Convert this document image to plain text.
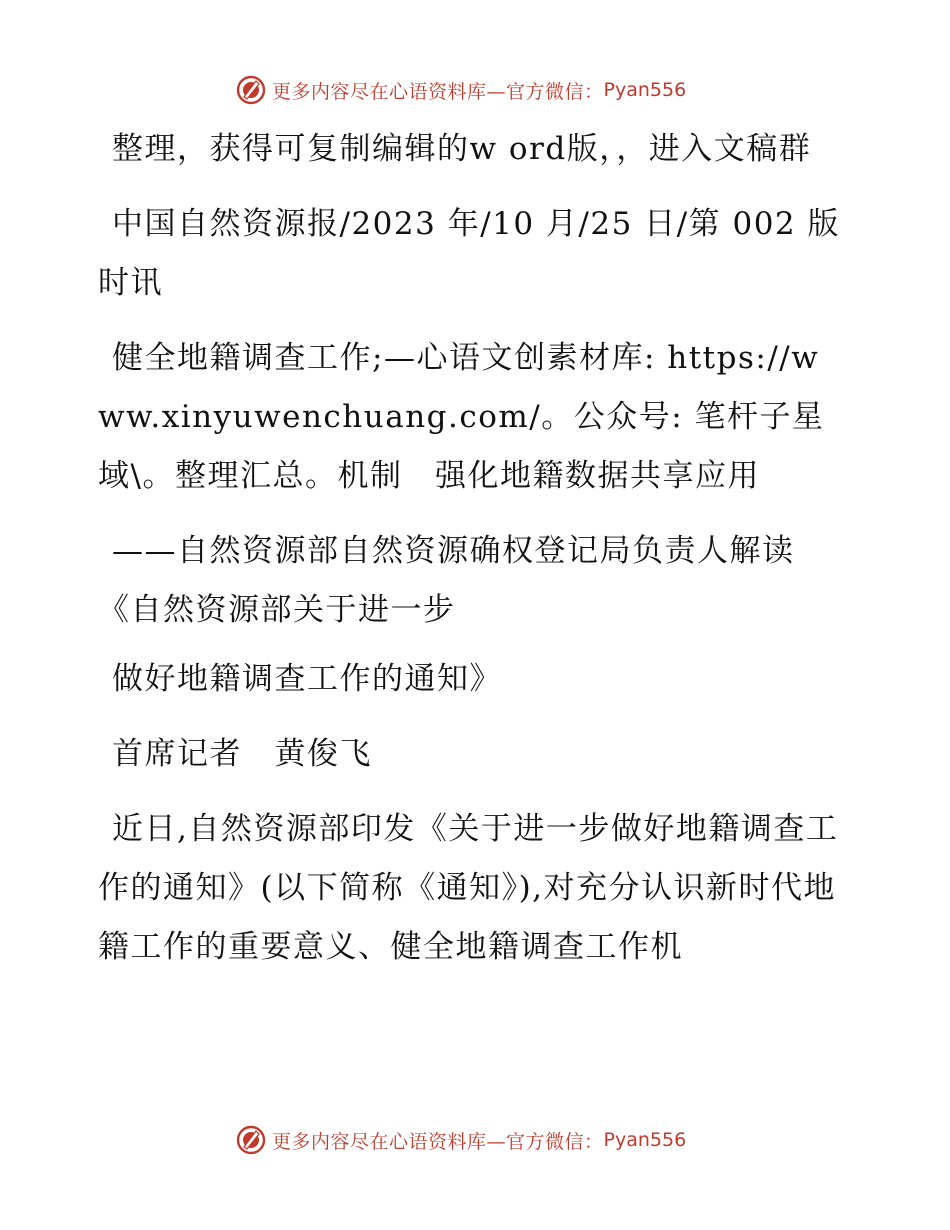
更多内容尽在心语资料库—官方微信： Pyan556

整理，获得可复制编辑的w ord版，，进入文稿群

中国自然资源报/2023 年/10 月/25 日/第 002 版时讯

健全地籍调查工作;—心语文创素材库: https://www.xinyuwenchuang.com/。公众号: 笔杆子星域\。整理汇总。机制　强化地籍数据共享应用

——自然资源部自然资源确权登记局负责人解读《自然资源部关于进一步

做好地籍调查工作的通知》

首席记者　黄俊飞

近日,自然资源部印发《关于进一步做好地籍调查工作的通知》(以下简称《通知》),对充分认识新时代地籍工作的重要意义、健全地籍调查工作机

更多内容尽在心语资料库—官方微信： Pyan556
